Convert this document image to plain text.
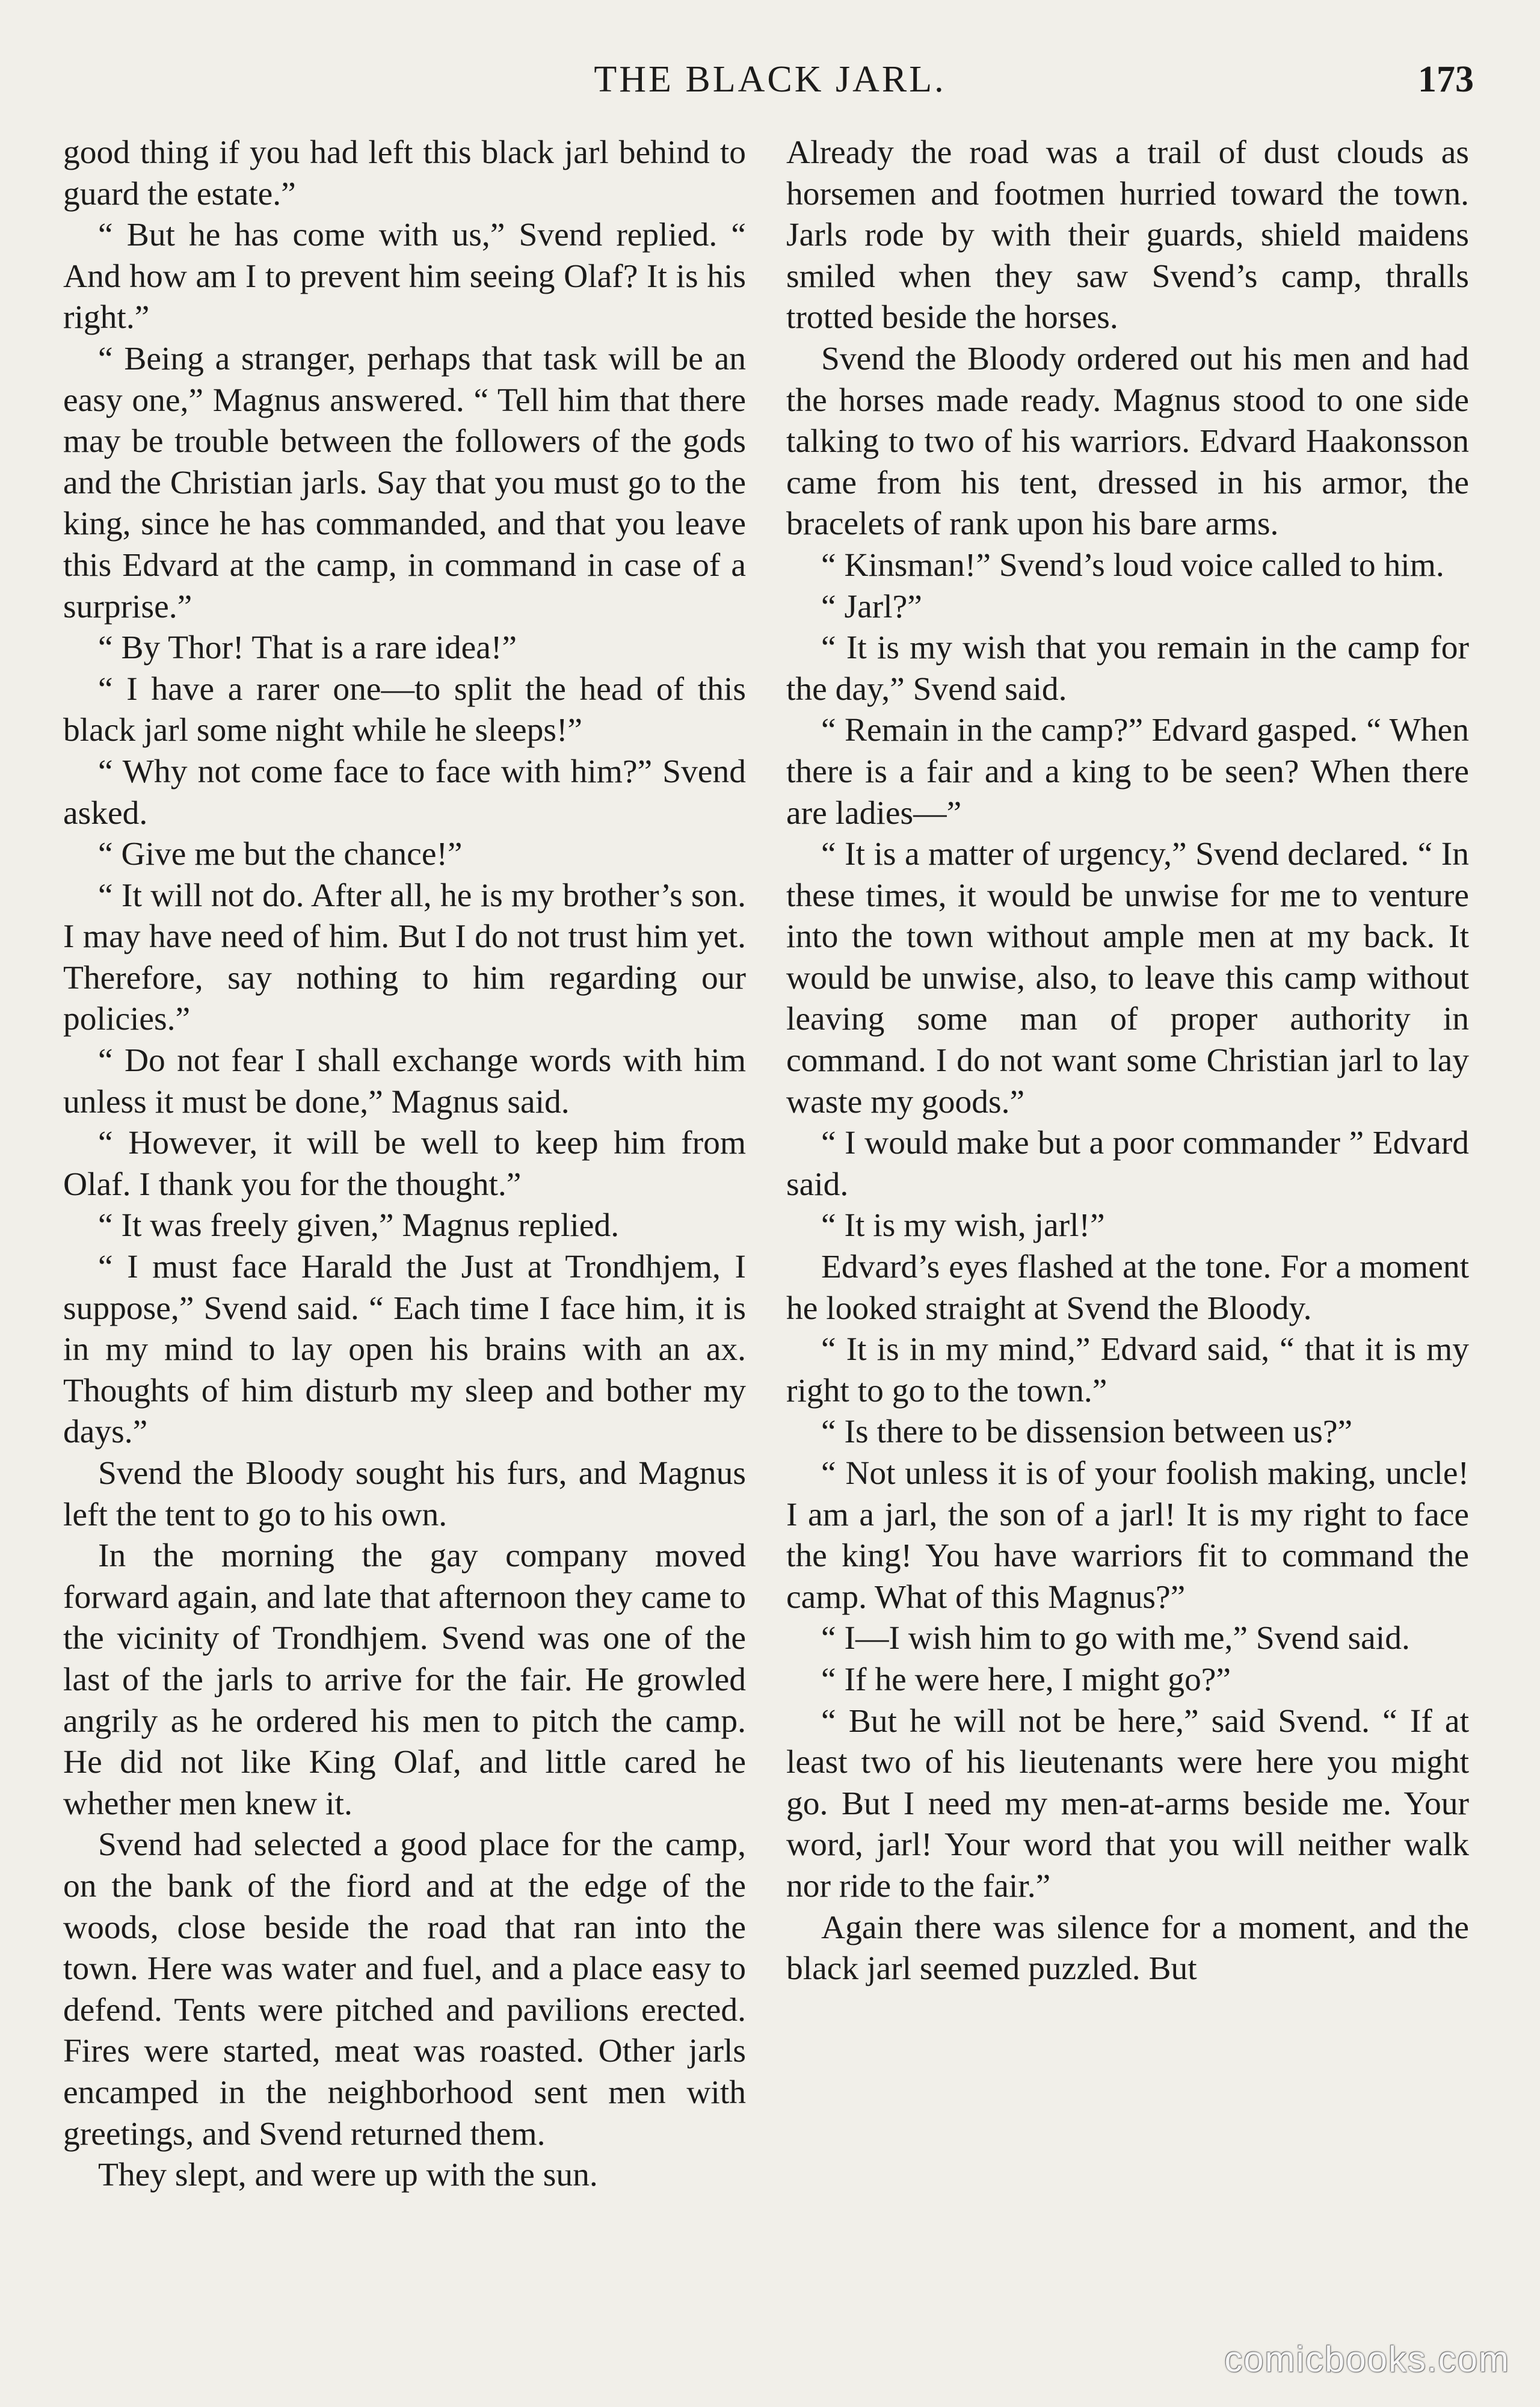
THE BLACK JARL.	173

good thing if you had left this black jarl behind to guard the estate.”

“ But he has come with us,” Svend replied. “ And how am I to prevent him seeing Olaf? It is his right.”

“ Being a stranger, perhaps that task will be an easy one,” Magnus answered. “ Tell him that there may be trouble between the followers of the gods and the Christian jarls. Say that you must go to the king, since he has commanded, and that you leave this Edvard at the camp, in command in case of a surprise.”

“ By Thor! That is a rare idea!”

“ I have a rarer one—to split the head of this black jarl some night while he sleeps!”

“ Why not come face to face with him?” Svend asked.

“ Give me but the chance!”

“ It will not do. After all, he is my brother’s son. I may have need of him. But I do not trust him yet. Therefore, say nothing to him regarding our policies.”

“ Do not fear I shall exchange words with him unless it must be done,” Magnus said.

“ However, it will be well to keep him from Olaf. I thank you for the thought.”

“ It was freely given,” Magnus replied.

“ I must face Harald the Just at Trondhjem, I suppose,” Svend said. “ Each time I face him, it is in my mind to lay open his brains with an ax. Thoughts of him disturb my sleep and bother my days.”

Svend the Bloody sought his furs, and Magnus left the tent to go to his own.

In the morning the gay company moved forward again, and late that afternoon they came to the vicinity of Trondhjem. Svend was one of the last of the jarls to arrive for the fair. He growled angrily as he ordered his men to pitch the camp. He did not like King Olaf, and little cared he whether men knew it.

Svend had selected a good place for the camp, on the bank of the fiord and at the edge of the woods, close beside the road that ran into the town. Here was water and fuel, and a place easy to defend. Tents were pitched and pavilions erected. Fires were started, meat was roasted. Other jarls encamped in the neighborhood sent men with greetings, and Svend returned them.

They slept, and were up with the sun.

Already the road was a trail of dust clouds as horsemen and footmen hurried toward the town. Jarls rode by with their guards, shield maidens smiled when they saw Svend’s camp, thralls trotted beside the horses.

Svend the Bloody ordered out his men and had the horses made ready. Magnus stood to one side talking to two of his warriors. Edvard Haakonsson came from his tent, dressed in his armor, the bracelets of rank upon his bare arms.

“ Kinsman!” Svend’s loud voice called to him.

“ Jarl?”

“ It is my wish that you remain in the camp for the day,” Svend said.

“ Remain in the camp?” Edvard gasped. “ When there is a fair and a king to be seen? When there are ladies—”

“ It is a matter of urgency,” Svend declared. “ In these times, it would be unwise for me to venture into the town without ample men at my back. It would be unwise, also, to leave this camp without leaving some man of proper authority in command. I do not want some Christian jarl to lay waste my goods.”

“ I would make but a poor commander ” Edvard said.

“ It is my wish, jarl!”

Edvard’s eyes flashed at the tone. For a moment he looked straight at Svend the Bloody.

“ It is in my mind,” Edvard said, “ that it is my right to go to the town.”

“ Is there to be dissension between us?”

“ Not unless it is of your foolish making, uncle! I am a jarl, the son of a jarl! It is my right to face the king! You have warriors fit to command the camp. What of this Magnus?”

“ I—I wish him to go with me,” Svend said.

“ If he were here, I might go?”

“ But he will not be here,” said Svend. “ If at least two of his lieutenants were here you might go. But I need my men-at-arms beside me. Your word, jarl! Your word that you will neither walk nor ride to the fair.”

Again there was silence for a moment, and the black jarl seemed puzzled. But

comicbooks.com
